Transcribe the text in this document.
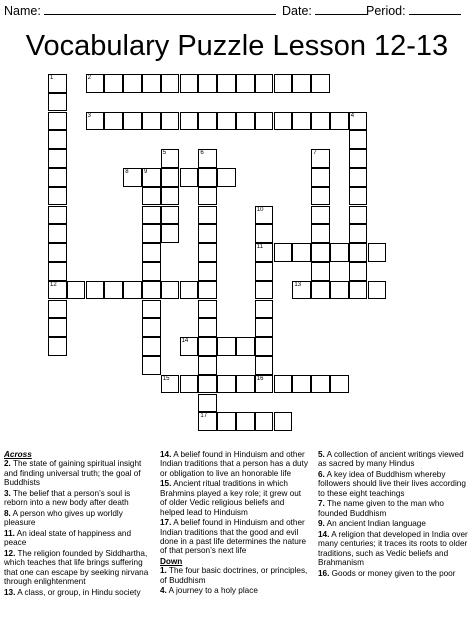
Name:	Date:	Period:
Vocabulary Puzzle Lesson 12-13
1
12
2
3	4
5	6
17
7
8	9
10
11
16
13
14
15
Across
2. The state of gaining spiritual insight and finding universal truth; the goal of Buddhists
3. The belief that a person’s soul is reborn into a new body after death
8. A person who gives up worldly pleasure
11. An ideal state of happiness and peace
12. The religion founded by Siddhartha, which teaches that life brings suffering that one can escape by seeking nirvana through enlightenment
13. A class, or group, in Hindu society
14. A belief found in Hinduism and other Indian traditions that a person has a duty or obligation to live an honorable life
15. Ancient ritual traditions in which Brahmins played a key role; it grew out of older Vedic religious beliefs and helped lead to Hinduism
17. A belief found in Hinduism and other Indian traditions that the good and evil done in a past life determines the nature of that person’s next life
Down
1. The four basic doctrines, or principles, of Buddhism
4. A journey to a holy place
5. A collection of ancient writings viewed as sacred by many Hindus
6. A key idea of Buddhism whereby followers should live their lives according to these eight teachings
7. The name given to the man who founded Buddhism
9. An ancient Indian language
14. A religion that developed in India over many centuries; it traces its roots to older traditions, such as Vedic beliefs and Brahmanism
16. Goods or money given to the poor
